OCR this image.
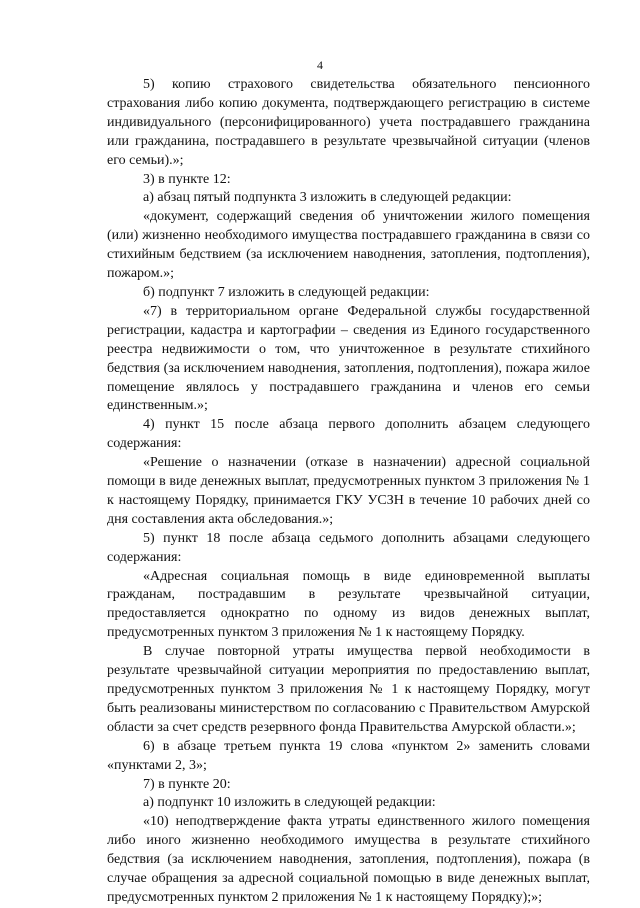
4

5) копию страхового свидетельства обязательного пенсионного страхования либо копию документа, подтверждающего регистрацию в системе индивидуального (персонифицированного) учета пострадавшего гражданина или гражданина, пострадавшего в результате чрезвычайной ситуации (членов его семьи).»;

3) в пункте 12:

а) абзац пятый подпункта 3 изложить в следующей редакции:

«документ, содержащий сведения об уничтожении жилого помещения (или) жизненно необходимого имущества пострадавшего гражданина в связи со стихийным бедствием (за исключением наводнения, затопления, подтопления), пожаром.»;

б) подпункт 7 изложить в следующей редакции:

«7) в территориальном органе Федеральной службы государственной регистрации, кадастра и картографии – сведения из Единого государственного реестра недвижимости о том, что уничтоженное в результате стихийного бедствия (за исключением наводнения, затопления, подтопления), пожара жилое помещение являлось у пострадавшего гражданина и членов его семьи единственным.»;

4) пункт 15 после абзаца первого дополнить абзацем следующего содержания:

«Решение о назначении (отказе в назначении) адресной социальной помощи в виде денежных выплат, предусмотренных пунктом 3 приложения № 1 к настоящему Порядку, принимается ГКУ УСЗН в течение 10 рабочих дней со дня составления акта обследования.»;

5) пункт 18 после абзаца седьмого дополнить абзацами следующего содержания:

«Адресная социальная помощь в виде единовременной выплаты гражданам, пострадавшим в результате чрезвычайной ситуации, предоставляется однократно по одному из видов денежных выплат, предусмотренных пунктом 3 приложения № 1 к настоящему Порядку.

В случае повторной утраты имущества первой необходимости в результате чрезвычайной ситуации мероприятия по предоставлению выплат, предусмотренных пунктом 3 приложения № 1 к настоящему Порядку, могут быть реализованы министерством по согласованию с Правительством Амурской области за счет средств резервного фонда Правительства Амурской области.»;

6) в абзаце третьем пункта 19 слова «пунктом 2» заменить словами «пунктами 2, 3»;

7) в пункте 20:

а) подпункт 10 изложить в следующей редакции:

«10) неподтверждение факта утраты единственного жилого помещения либо иного жизненно необходимого имущества в результате стихийного бедствия (за исключением наводнения, затопления, подтопления), пожара (в случае обращения за адресной социальной помощью в виде денежных выплат, предусмотренных пунктом 2 приложения № 1 к настоящему Порядку);»;
